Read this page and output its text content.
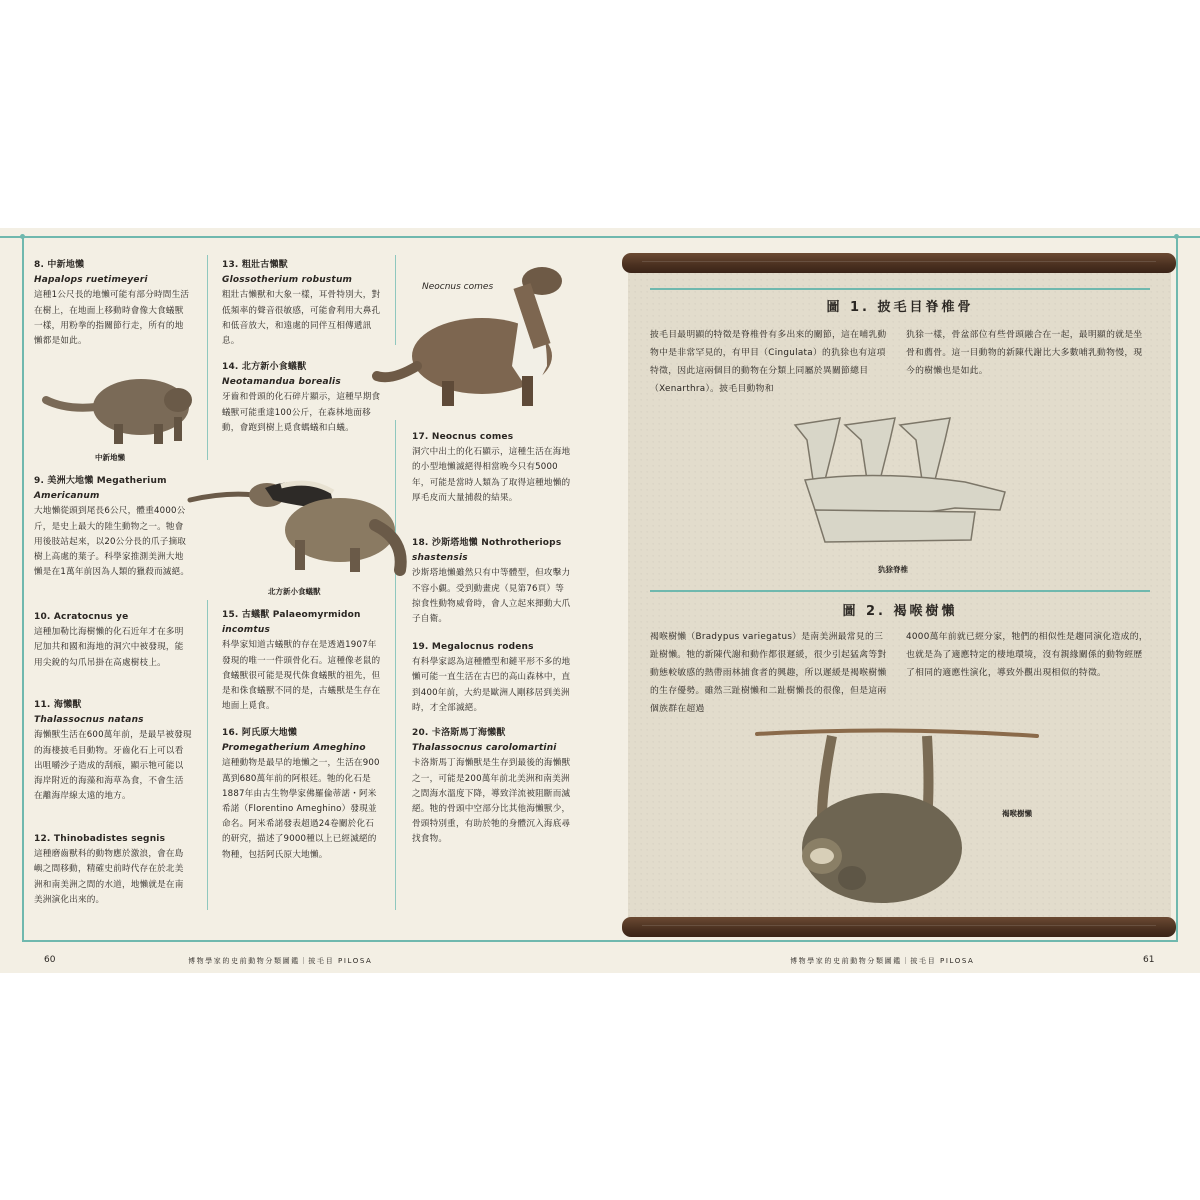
8. 中新地懶
Hapalops ruetimeyeri
這種1公尺長的地懶可能有部分時間生活在樹上，在地面上移動時會像大食蟻獸一樣，用粉拳的指關節行走，所有的地懶都是如此。
中新地懶
9. 美洲大地懶 Megatherium
Americanum
大地懶從頭到尾長6公尺，體重4000公斤，是史上最大的陸生動物之一。牠會用後肢站起來，以20公分長的爪子摘取樹上高處的葉子。科學家推測美洲大地懶是在1萬年前因為人類的獵殺而滅絕。
10. Acratocnus ye
這種加勒比海樹懶的化石近年才在多明尼加共和國和海地的洞穴中被發現，能用尖銳的勾爪吊掛在高處樹枝上。
11. 海懶獸
Thalassocnus natans
海懶獸生活在600萬年前，是最早被發現的海棲披毛目動物。牙齒化石上可以看出咀嚼沙子造成的刮痕，顯示牠可能以海岸附近的海藻和海草為食，不會生活在離海岸線太遠的地方。
12. Thinobadistes segnis
這種磨齒獸科的動物應於激浪，會在島嶼之間移動，精確史前時代存在於北美洲和南美洲之間的水道，地懶就是在南美洲演化出來的。
13. 粗壯古懶獸
Glossotherium robustum
粗壯古懶獸和大象一樣，耳骨特別大，對低頻率的聲音很敏感，可能會利用大鼻孔和低音放大，和遠處的同伴互相傳遞訊息。
14. 北方新小食蟻獸
Neotamandua borealis
牙齒和骨頭的化石碎片顯示，這種早期食蟻獸可能重達100公斤，在森林地面移動，會跑到樹上覓食螞蟻和白蟻。
北方新小食蟻獸
15. 古蟻獸 Palaeomyrmidon
incomtus
科學家知道古蟻獸的存在是透過1907年發現的唯一一件頭骨化石。這種像老鼠的食蟻獸很可能是現代侏食蟻獸的祖先，但是和侏食蟻獸不同的是，古蟻獸是生存在地面上覓食。
16. 阿氏原大地懶
Promegatherium Ameghino
這種動物是最早的地懶之一，生活在900萬到680萬年前的阿根廷。牠的化石是1887年由古生物學家佛羅倫蒂諾・阿米希諾（Florentino Ameghino）發現並命名。阿米希諾發表超過24卷關於化石的研究，描述了9000種以上已經滅絕的物種，包括阿氏原大地懶。
Neocnus comes
17. Neocnus comes
洞穴中出土的化石顯示，這種生活在海地的小型地懶滅絕得相當晚今只有5000年，可能是當時人類為了取得這種地懶的厚毛皮而大量捕殺的結果。
18. 沙斯塔地懶 Nothrotheriops
shastensis
沙斯塔地懶雖然只有中等體型，但攻擊力不容小覷。受到動畫虎（見第76頁）等掠食性動物威脅時，會人立起來揮動大爪子自衛。
19. Megalocnus rodens
有科學家認為這種體型和鏈平形不多的地懶可能一直生活在古巴的高山森林中，直到400年前，大約是歐洲人剛移居到美洲時，才全部滅絕。
20. 卡洛斯馬丁海懶獸
Thalassocnus carolomartini
卡洛斯馬丁海懶獸是生存到最後的海懶獸之一，可能是200萬年前北美洲和南美洲之間海水溫度下降，導致洋流被阻斷而滅絕。牠的骨頭中空部分比其他海懶獸少，骨頭特別重，有助於牠的身體沉入海底尋找食物。
60	博物學家的史前動物分類圖鑑｜披毛目 PILOSA
圖 1. 披毛目脊椎骨
披毛目最明顯的特徵是脊椎骨有多出來的關節，這在哺乳動物中是非常罕見的，有甲目（Cingulata）的犰狳也有這項特徵，因此這兩個目的動物在分類上同屬於異關節總目（Xenarthra）。披毛目動物和
犰狳一樣，骨盆部位有些骨頭融合在一起，最明顯的就是坐骨和薦骨。這一目動物的新陳代謝比大多數哺乳動物慢，現今的樹懶也是如此。
犰狳脊椎
圖 2. 褐喉樹懶
褐喉樹懶（Bradypus variegatus）是南美洲最常見的三趾樹懶。牠的新陳代謝和動作都很遲緩，很少引起猛禽等對動態較敏感的熱帶雨林捕食者的興趣，所以遲緩是褐喉樹懶的生存優勢。雖然三趾樹懶和二趾樹懶長的很像，但是這兩個族群在超過
4000萬年前就已經分家，牠們的相似性是趨同演化造成的，也就是為了適應特定的棲地環境，沒有親緣關係的動物經歷了相同的適應性演化，導致外觀出現相似的特徵。
褐喉樹懶
博物學家的史前動物分類圖鑑｜披毛目 PILOSA	61
